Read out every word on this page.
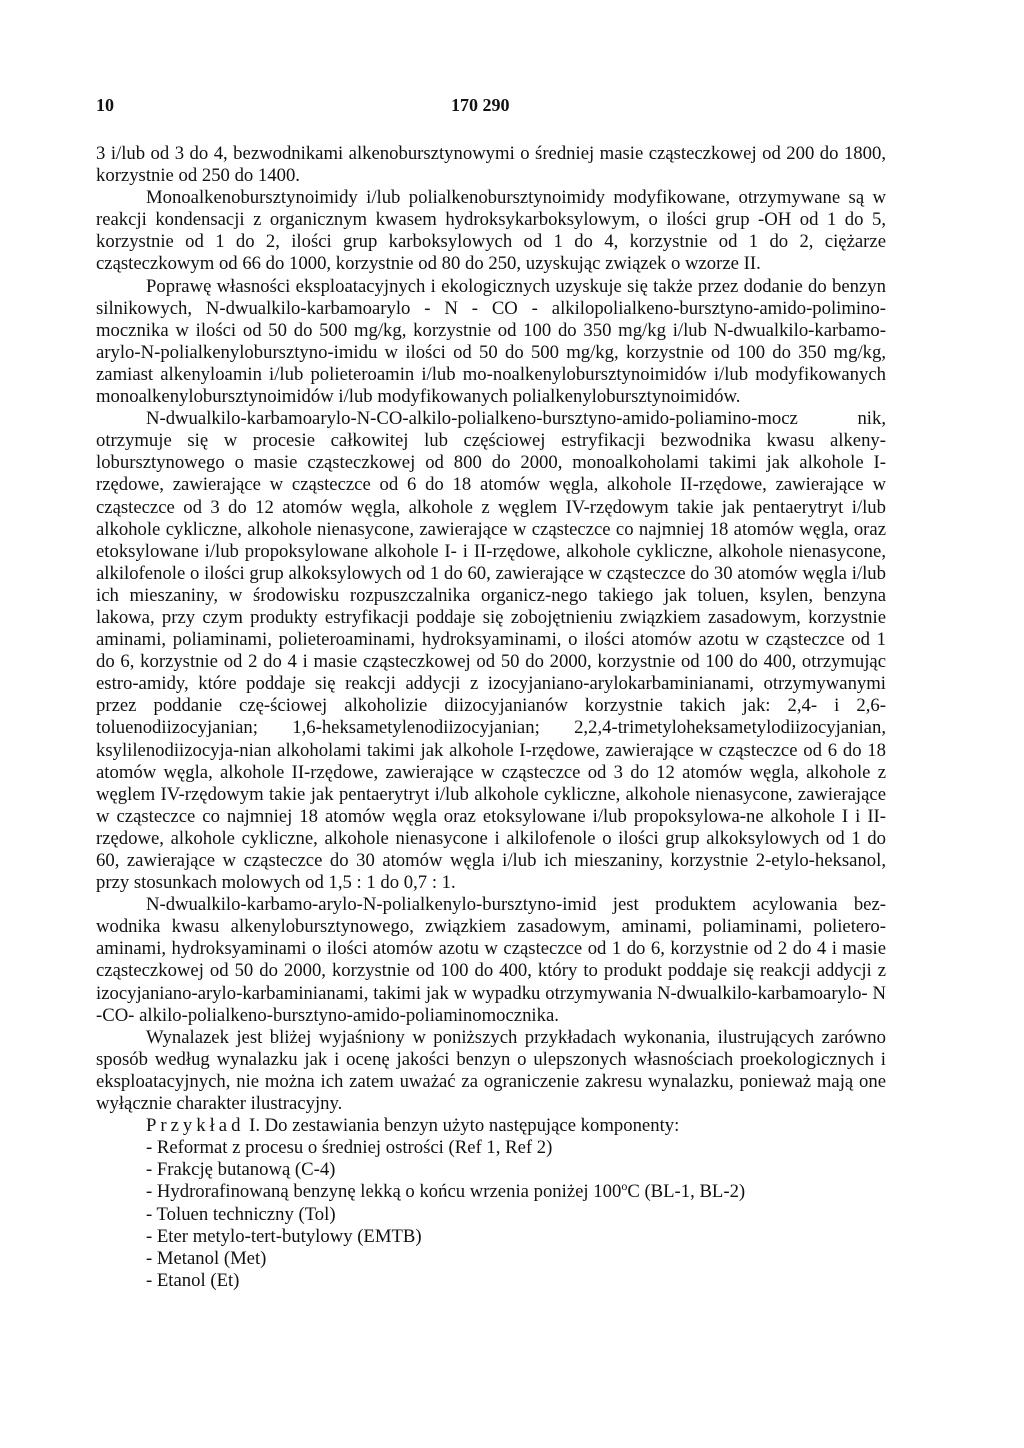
10	170 290

3 i/lub od 3 do 4, bezwodnikami alkenobursztynowymi o średniej masie cząsteczkowej od 200 do 1800, korzystnie od 250 do 1400.

Monoalkenobursztynoimidy i/lub polialkenobursztynoimidy modyfikowane, otrzymywane są w reakcji kondensacji z organicznym kwasem hydroksykarboksylowym, o ilości grup -OH od 1 do 5, korzystnie od 1 do 2, ilości grup karboksylowych od 1 do 4, korzystnie od 1 do 2, ciężarze cząsteczkowym od 66 do 1000, korzystnie od 80 do 250, uzyskując związek o wzorze II.

Poprawę własności eksploatacyjnych i ekologicznych uzyskuje się także przez dodanie do benzyn silnikowych, N-dwualkilo-karbamoarylo - N - CO - alkilopolialkeno-bursztyno-amido-polimino-mocznika w ilości od 50 do 500 mg/kg, korzystnie od 100 do 350 mg/kg i/lub N-dwualkilo-karbamo-arylo-N-polialkenylobursztyno-imidu w ilości od 50 do 500 mg/kg, korzystnie od 100 do 350 mg/kg, zamiast alkenyloamin i/lub polieteroamin i/lub mo-noalkenylobursztynoimidów i/lub modyfikowanych monoalkenylobursztynoimidów i/lub modyfikowanych polialkenylobursztynoimidów.

N-dwualkilo-karbamoarylo-N-CO-alkilo-polialkeno-bursztyno-amido-poliamino-mocz nik, otrzymuje się w procesie całkowitej lub częściowej estryfikacji bezwodnika kwasu alkeny-lobursztynowego o masie cząsteczkowej od 800 do 2000, monoalkoholami takimi jak alkohole I-rzędowe, zawierające w cząsteczce od 6 do 18 atomów węgla, alkohole II-rzędowe, zawierające w cząsteczce od 3 do 12 atomów węgla, alkohole z węglem IV-rzędowym takie jak pentaerytryt i/lub alkohole cykliczne, alkohole nienasycone, zawierające w cząsteczce co najmniej 18 atomów węgla, oraz etoksylowane i/lub propoksylowane alkohole I- i II-rzędowe, alkohole cykliczne, alkohole nienasycone, alkilofenole o ilości grup alkoksylowych od 1 do 60, zawierające w cząsteczce do 30 atomów węgla i/lub ich mieszaniny, w środowisku rozpuszczalnika organicz-nego takiego jak toluen, ksylen, benzyna lakowa, przy czym produkty estryfikacji poddaje się zobojętnieniu związkiem zasadowym, korzystnie aminami, poliaminami, polieteroaminami, hydroksyaminami, o ilości atomów azotu w cząsteczce od 1 do 6, korzystnie od 2 do 4 i masie cząsteczkowej od 50 do 2000, korzystnie od 100 do 400, otrzymując estro-amidy, które poddaje się reakcji addycji z izocyjaniano-arylokarbaminianami, otrzymywanymi przez poddanie czę-ściowej alkoholizie diizocyjanianów korzystnie takich jak: 2,4- i 2,6-toluenodiizocyjanian; 1,6-heksametylenodiizocyjanian; 2,2,4-trimetyloheksametylodiizocyjanian, ksylilenodiizocyja-nian alkoholami takimi jak alkohole I-rzędowe, zawierające w cząsteczce od 6 do 18 atomów węgla, alkohole II-rzędowe, zawierające w cząsteczce od 3 do 12 atomów węgla, alkohole z węglem IV-rzędowym takie jak pentaerytryt i/lub alkohole cykliczne, alkohole nienasycone, zawierające w cząsteczce co najmniej 18 atomów węgla oraz etoksylowane i/lub propoksylowa-ne alkohole I i II-rzędowe, alkohole cykliczne, alkohole nienasycone i alkilofenole o ilości grup alkoksylowych od 1 do 60, zawierające w cząsteczce do 30 atomów węgla i/lub ich mieszaniny, korzystnie 2-etylo-heksanol, przy stosunkach molowych od 1,5 : 1 do 0,7 : 1.

N-dwualkilo-karbamo-arylo-N-polialkenylo-bursztyno-imid jest produktem acylowania bez-wodnika kwasu alkenylobursztynowego, związkiem zasadowym, aminami, poliaminami, polietero-aminami, hydroksyaminami o ilości atomów azotu w cząsteczce od 1 do 6, korzystnie od 2 do 4 i masie cząsteczkowej od 50 do 2000, korzystnie od 100 do 400, który to produkt poddaje się reakcji addycji z izocyjaniano-arylo-karbaminianami, takimi jak w wypadku otrzymywania N-dwualkilo-karbamoarylo- N -CO- alkilo-polialkeno-bursztyno-amido-poliaminomocznika.

Wynalazek jest bliżej wyjaśniony w poniższych przykładach wykonania, ilustrujących zarówno sposób według wynalazku jak i ocenę jakości benzyn o ulepszonych własnościach proekologicznych i eksploatacyjnych, nie można ich zatem uważać za ograniczenie zakresu wynalazku, ponieważ mają one wyłącznie charakter ilustracyjny.

Przykład I. Do zestawiania benzyn użyto następujące komponenty:

- Reformat z procesu o średniej ostrości (Ref 1, Ref 2)
- Frakcję butanową (C-4)
- Hydrorafinowaną benzynę lekką o końcu wrzenia poniżej 100$^o$C (BL-1, BL-2)
- Toluen techniczny (Tol)
- Eter metylo-tert-butylowy (EMTB)
- Metanol (Met)
- Etanol (Et)
